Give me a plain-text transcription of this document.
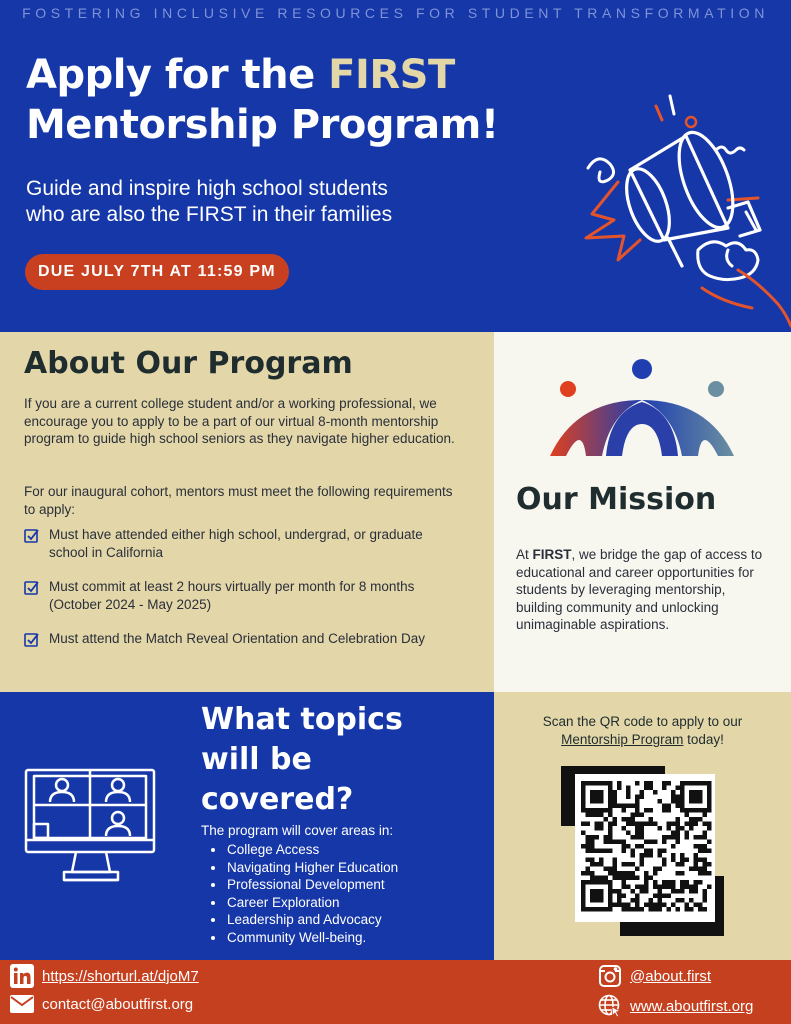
FOSTERING INCLUSIVE RESOURCES FOR STUDENT TRANSFORMATION
Apply for the FIRST
Mentorship Program!
Guide and inspire high school students
who are also the FIRST in their families
DUE JULY 7TH AT 11:59 PM
About Our Program

If you are a current college student and/or a working professional, we encourage you to apply to be a part of our virtual 8-month mentorship program to guide high school seniors as they navigate higher education.

For our inaugural cohort, mentors must meet the following requirements to apply:

Must have attended either high school, undergrad, or graduate school in California
Must commit at least 2 hours virtually per month for 8 months (October 2024 - May 2025)
Must attend the Match Reveal Orientation and Celebration Day
Our Mission

At FIRST, we bridge the gap of access to educational and career opportunities for students by leveraging mentorship, building community and unlocking unimaginable aspirations.

What topics
will be
covered?
The program will cover areas in:
• College Access
• Navigating Higher Education
• Professional Development
• Career Exploration
• Leadership and Advocacy
• Community Well-being.
Scan the QR code to apply to our
Mentorship Program today!
https://shorturl.at/djoM7
contact@aboutfirst.org
@about.first
www.aboutfirst.org
